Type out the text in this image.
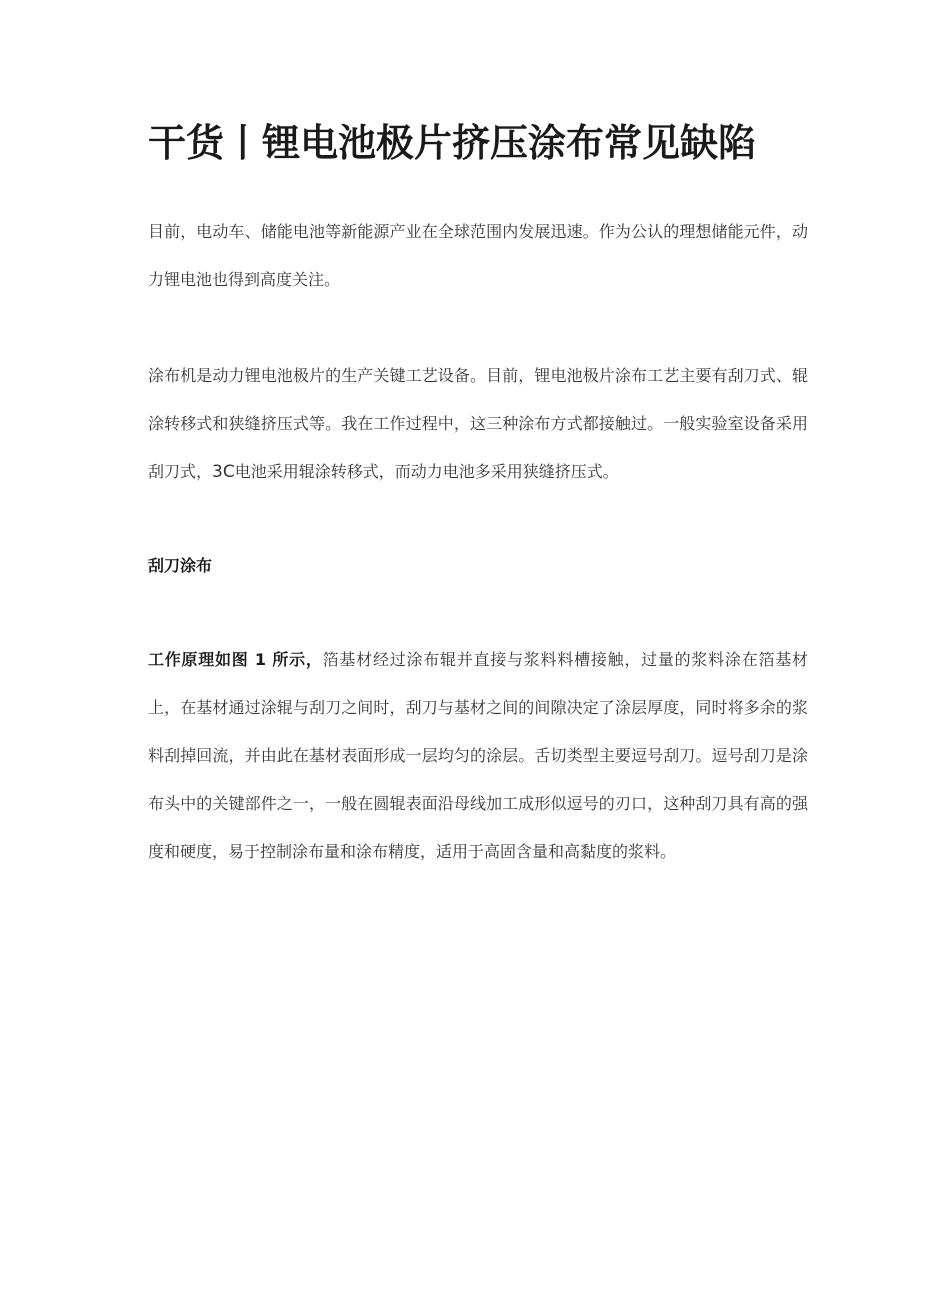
干货丨锂电池极片挤压涂布常见缺陷

目前，电动车、储能电池等新能源产业在全球范围内发展迅速。作为公认的理想储能元件，动力锂电池也得到高度关注。

涂布机是动力锂电池极片的生产关键工艺设备。目前，锂电池极片涂布工艺主要有刮刀式、辊涂转移式和狭缝挤压式等。我在工作过程中，这三种涂布方式都接触过。一般实验室设备采用刮刀式，3C电池采用辊涂转移式，而动力电池多采用狭缝挤压式。

刮刀涂布

工作原理如图 1 所示，箔基材经过涂布辊并直接与浆料料槽接触，过量的浆料涂在箔基材上，在基材通过涂辊与刮刀之间时，刮刀与基材之间的间隙决定了涂层厚度，同时将多余的浆料刮掉回流，并由此在基材表面形成一层均匀的涂层。舌切类型主要逗号刮刀。逗号刮刀是涂布头中的关键部件之一，一般在圆辊表面沿母线加工成形似逗号的刃口，这种刮刀具有高的强度和硬度，易于控制涂布量和涂布精度，适用于高固含量和高黏度的浆料。
